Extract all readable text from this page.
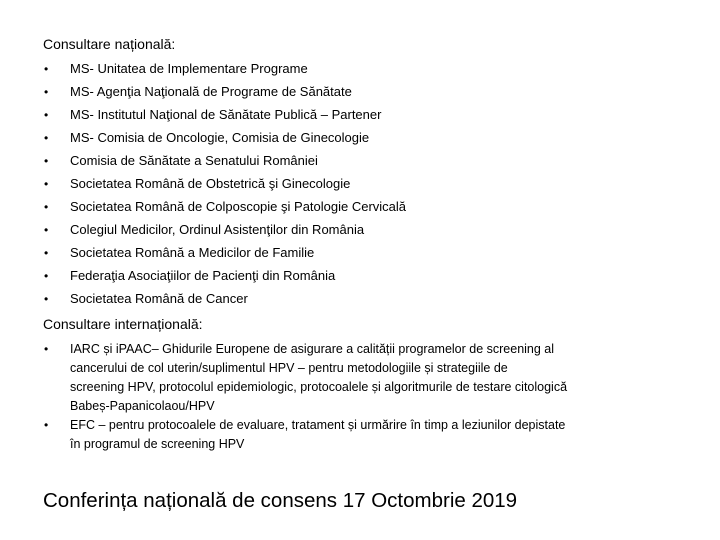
Consultare națională:
•	MS- Unitatea de Implementare Programe
•	MS- Agenţia Naţională de Programe de Sănătate
•	MS- Institutul Naţional de Sănătate Publică – Partener
•	MS- Comisia de Oncologie, Comisia de Ginecologie
•	Comisia de Sănătate a Senatului României
•	Societatea Română de Obstetrică şi Ginecologie
•	Societatea Română de Colposcopie şi Patologie Cervicală
•	Colegiul Medicilor, Ordinul Asistenţilor din România
•	Societatea Română a Medicilor de Familie
•	Federaţia Asociaţiilor de Pacienţi din România
•	Societatea Română de Cancer
Consultare internațională:
•	IARC și iPAAC– Ghidurile Europene de asigurare a calității programelor de screening al
cancerului de col uterin/suplimentul HPV – pentru metodologiile și strategiile de
screening HPV, protocolul epidemiologic, protocoalele și algoritmurile de testare citologică
Babeș-Papanicolaou/HPV
•	EFC – pentru protocoalele de evaluare, tratament și urmărire în timp a leziunilor depistate
în programul de screening HPV
Conferința națională de consens 17 Octombrie 2019
